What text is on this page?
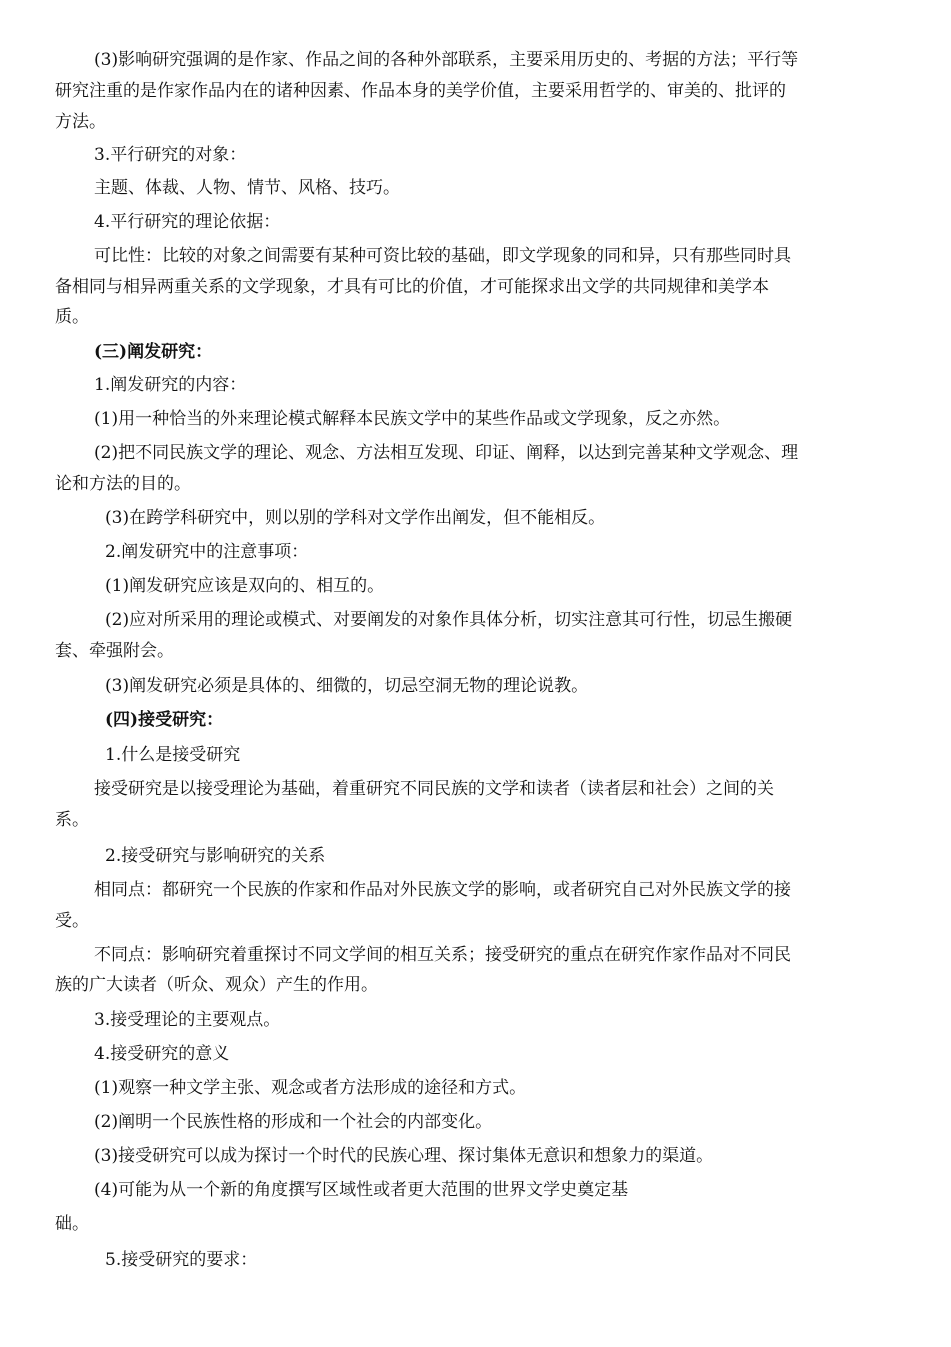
(3)影响研究强调的是作家、作品之间的各种外部联系，主要采用历史的、考据的方法；平行等
研究注重的是作家作品内在的诸种因素、作品本身的美学价值，主要采用哲学的、审美的、批评的
方法。
3.平行研究的对象：
主题、体裁、人物、情节、风格、技巧。
4.平行研究的理论依据：
可比性：比较的对象之间需要有某种可资比较的基础，即文学现象的同和异，只有那些同时具
备相同与相异两重关系的文学现象，才具有可比的价值，才可能探求出文学的共同规律和美学本
质。
(三)阐发研究：
1.阐发研究的内容：
(1)用一种恰当的外来理论模式解释本民族文学中的某些作品或文学现象，反之亦然。
(2)把不同民族文学的理论、观念、方法相互发现、印证、阐释，以达到完善某种文学观念、理
论和方法的目的。
(3)在跨学科研究中，则以别的学科对文学作出阐发，但不能相反。
2.阐发研究中的注意事项：
(1)阐发研究应该是双向的、相互的。
(2)应对所采用的理论或模式、对要阐发的对象作具体分析，切实注意其可行性，切忌生搬硬
套、牵强附会。
(3)阐发研究必须是具体的、细微的，切忌空洞无物的理论说教。
(四)接受研究：
1.什么是接受研究
接受研究是以接受理论为基础，着重研究不同民族的文学和读者（读者层和社会）之间的关
系。
2.接受研究与影响研究的关系
相同点：都研究一个民族的作家和作品对外民族文学的影响，或者研究自己对外民族文学的接
受。
不同点：影响研究着重探讨不同文学间的相互关系；接受研究的重点在研究作家作品对不同民
族的广大读者（听众、观众）产生的作用。
3.接受理论的主要观点。
4.接受研究的意义
(1)观察一种文学主张、观念或者方法形成的途径和方式。
(2)阐明一个民族性格的形成和一个社会的内部变化。
(3)接受研究可以成为探讨一个时代的民族心理、探讨集体无意识和想象力的渠道。
(4)可能为从一个新的角度撰写区域性或者更大范围的世界文学史奠定基
础。
5.接受研究的要求：
